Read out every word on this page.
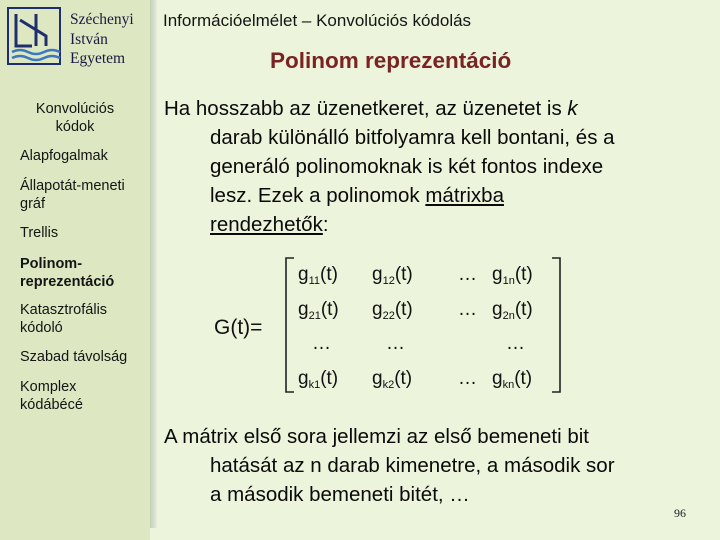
Széchenyi
István
Egyetem
Konvolúciós
kódok
Alapfogalmak
Állapotát-meneti
gráf
Trellis
Polinom-
reprezentáció
Katasztrofális
kódoló
Szabad távolság
Komplex
kódábécé
Információelmélet – Konvolúciós kódolás
Polinom reprezentáció
Ha hosszabb az üzenetkeret, az üzenetet is k
darab különálló bitfolyamra kell bontani, és a
generáló polinomoknak is két fontos indexe
lesz. Ezek a polinomok mátrixba
rendezhetők:
G(t)=
$g_{11}(t)$ $g_{12}(t)$ … $g_{1n}(t)$
$g_{21}(t)$ $g_{22}(t)$ … $g_{2n}(t)$
…	…	…
$g_{k1}(t)$ $g_{k2}(t)$ … $g_{kn}(t)$
A mátrix első sora jellemzi az első bemeneti bit
hatását az n darab kimenetre, a második sor
a második bemeneti bitét, …
96
